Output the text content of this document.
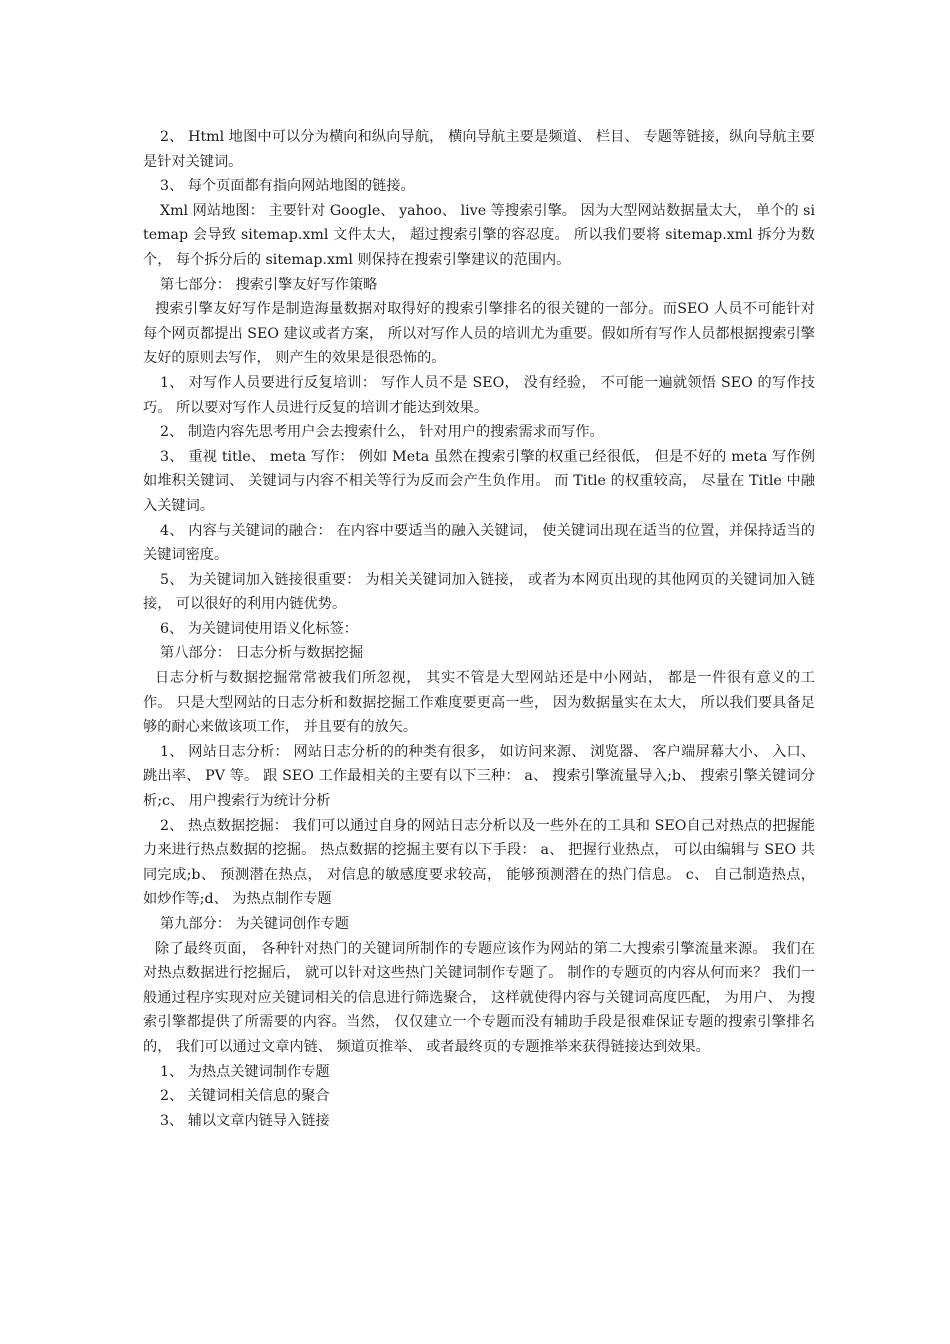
2、 Html 地图中可以分为横向和纵向导航， 横向导航主要是频道、 栏目、 专题等链接，纵向导航主要是针对关键词。

3、 每个页面都有指向网站地图的链接。

Xml 网站地图： 主要针对 Google、 yahoo、 live 等搜索引擎。 因为大型网站数据量太大， 单个的 sitemap 会导致 sitemap.xml 文件太大， 超过搜索引擎的容忍度。 所以我们要将 sitemap.xml 拆分为数个， 每个拆分后的 sitemap.xml 则保持在搜索引擎建议的范围内。

第七部分： 搜索引擎友好写作策略

搜索引擎友好写作是制造海量数据对取得好的搜索引擎排名的很关键的一部分。而SEO 人员不可能针对每个网页都提出 SEO 建议或者方案， 所以对写作人员的培训尤为重要。假如所有写作人员都根据搜索引擎友好的原则去写作， 则产生的效果是很恐怖的。

1、 对写作人员要进行反复培训： 写作人员不是 SEO， 没有经验， 不可能一遍就领悟 SEO 的写作技巧。 所以要对写作人员进行反复的培训才能达到效果。

2、 制造内容先思考用户会去搜索什么， 针对用户的搜索需求而写作。

3、 重视 title、 meta 写作： 例如 Meta 虽然在搜索引擎的权重已经很低， 但是不好的 meta 写作例如堆积关键词、 关键词与内容不相关等行为反而会产生负作用。 而 Title 的权重较高， 尽量在 Title 中融入关键词。

4、 内容与关键词的融合： 在内容中要适当的融入关键词， 使关键词出现在适当的位置，并保持适当的关键词密度。

5、 为关键词加入链接很重要： 为相关关键词加入链接， 或者为本网页出现的其他网页的关键词加入链接， 可以很好的利用内链优势。

6、 为关键词使用语义化标签：

第八部分： 日志分析与数据挖掘

日志分析与数据挖掘常常被我们所忽视， 其实不管是大型网站还是中小网站， 都是一件很有意义的工作。 只是大型网站的日志分析和数据挖掘工作难度要更高一些， 因为数据量实在太大， 所以我们要具备足够的耐心来做该项工作， 并且要有的放矢。

1、 网站日志分析： 网站日志分析的的种类有很多， 如访问来源、 浏览器、 客户端屏幕大小、 入口、 跳出率、 PV 等。 跟 SEO 工作最相关的主要有以下三种： a、 搜索引擎流量导入;b、 搜索引擎关键词分析;c、 用户搜索行为统计分析

2、 热点数据挖掘： 我们可以通过自身的网站日志分析以及一些外在的工具和 SEO自己对热点的把握能力来进行热点数据的挖掘。 热点数据的挖掘主要有以下手段： a、 把握行业热点， 可以由编辑与 SEO 共同完成;b、 预测潜在热点， 对信息的敏感度要求较高， 能够预测潜在的热门信息。 c、 自己制造热点， 如炒作等;d、 为热点制作专题

第九部分： 为关键词创作专题

除了最终页面， 各种针对热门的关键词所制作的专题应该作为网站的第二大搜索引擎流量来源。 我们在对热点数据进行挖掘后， 就可以针对这些热门关键词制作专题了。 制作的专题页的内容从何而来？ 我们一般通过程序实现对应关键词相关的信息进行筛选聚合， 这样就使得内容与关键词高度匹配， 为用户、 为搜索引擎都提供了所需要的内容。当然， 仅仅建立一个专题而没有辅助手段是很难保证专题的搜索引擎排名的， 我们可以通过文章内链、 频道页推举、 或者最终页的专题推举来获得链接达到效果。

1、 为热点关键词制作专题

2、 关键词相关信息的聚合

3、 辅以文章内链导入链接
